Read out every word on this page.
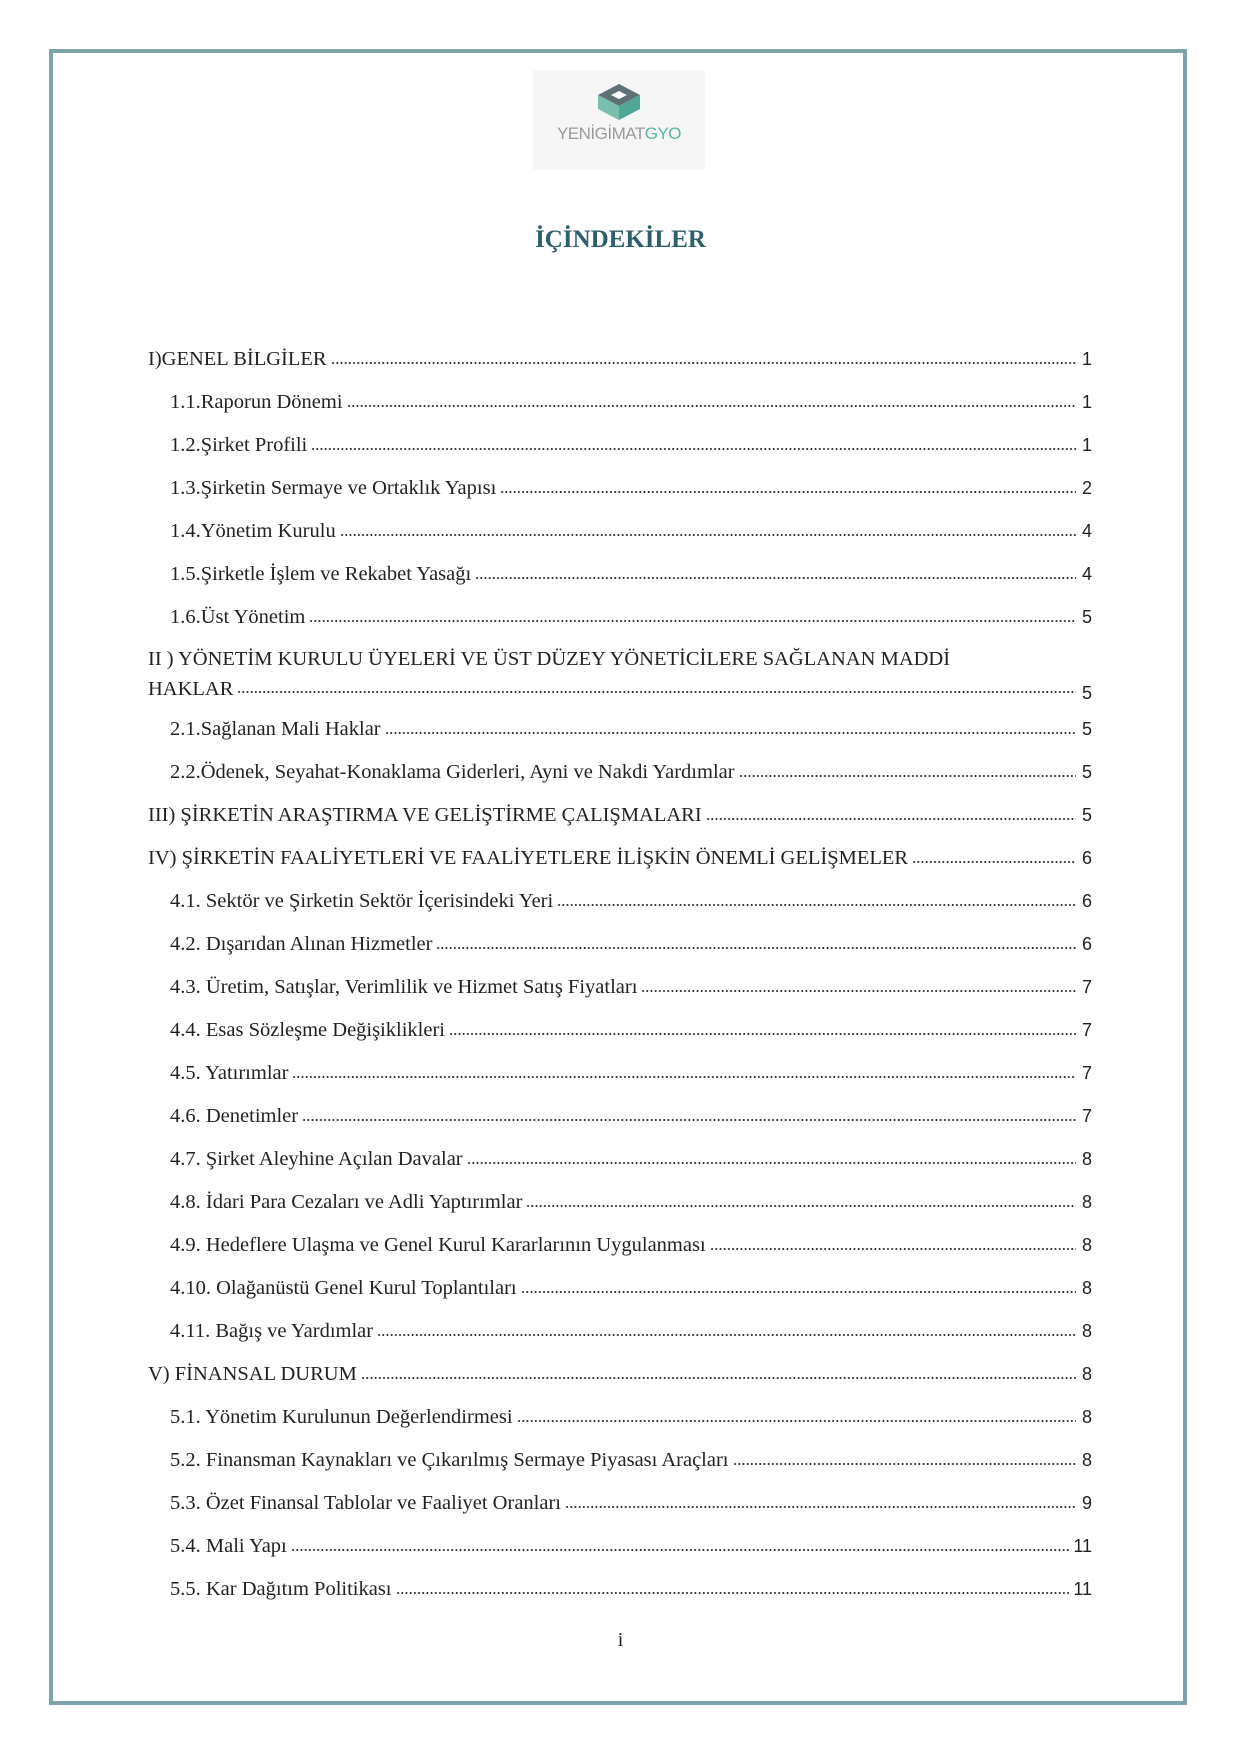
YENİGİMATGYO
İÇİNDEKİLER
I)GENEL BİLGİLER	1
1.1.Raporun Dönemi	1
1.2.Şirket Profili	1
1.3.Şirketin Sermaye ve Ortaklık Yapısı	2
1.4.Yönetim Kurulu	4
1.5.Şirketle İşlem ve Rekabet Yasağı	4
1.6.Üst Yönetim	5
II ) YÖNETİM KURULU ÜYELERİ VE ÜST DÜZEY YÖNETİCİLERE SAĞLANAN MADDİ
HAKLAR	5
2.1.Sağlanan Mali Haklar	5
2.2.Ödenek, Seyahat-Konaklama Giderleri, Ayni ve Nakdi Yardımlar	5
III) ŞİRKETİN ARAŞTIRMA VE GELİŞTİRME ÇALIŞMALARI	5
IV) ŞİRKETİN FAALİYETLERİ VE FAALİYETLERE İLİŞKİN ÖNEMLİ GELİŞMELER	6
4.1. Sektör ve Şirketin Sektör İçerisindeki Yeri	6
4.2. Dışarıdan Alınan Hizmetler	6
4.3. Üretim, Satışlar, Verimlilik ve Hizmet Satış Fiyatları	7
4.4. Esas Sözleşme Değişiklikleri	7
4.5. Yatırımlar	7
4.6. Denetimler	7
4.7. Şirket Aleyhine Açılan Davalar	8
4.8. İdari Para Cezaları ve Adli Yaptırımlar	8
4.9. Hedeflere Ulaşma ve Genel Kurul Kararlarının Uygulanması	8
4.10. Olağanüstü Genel Kurul Toplantıları	8
4.11. Bağış ve Yardımlar	8
V) FİNANSAL DURUM	8
5.1. Yönetim Kurulunun Değerlendirmesi	8
5.2. Finansman Kaynakları ve Çıkarılmış Sermaye Piyasası Araçları	8
5.3. Özet Finansal Tablolar ve Faaliyet Oranları	9
5.4. Mali Yapı	11
5.5. Kar Dağıtım Politikası	11
i
